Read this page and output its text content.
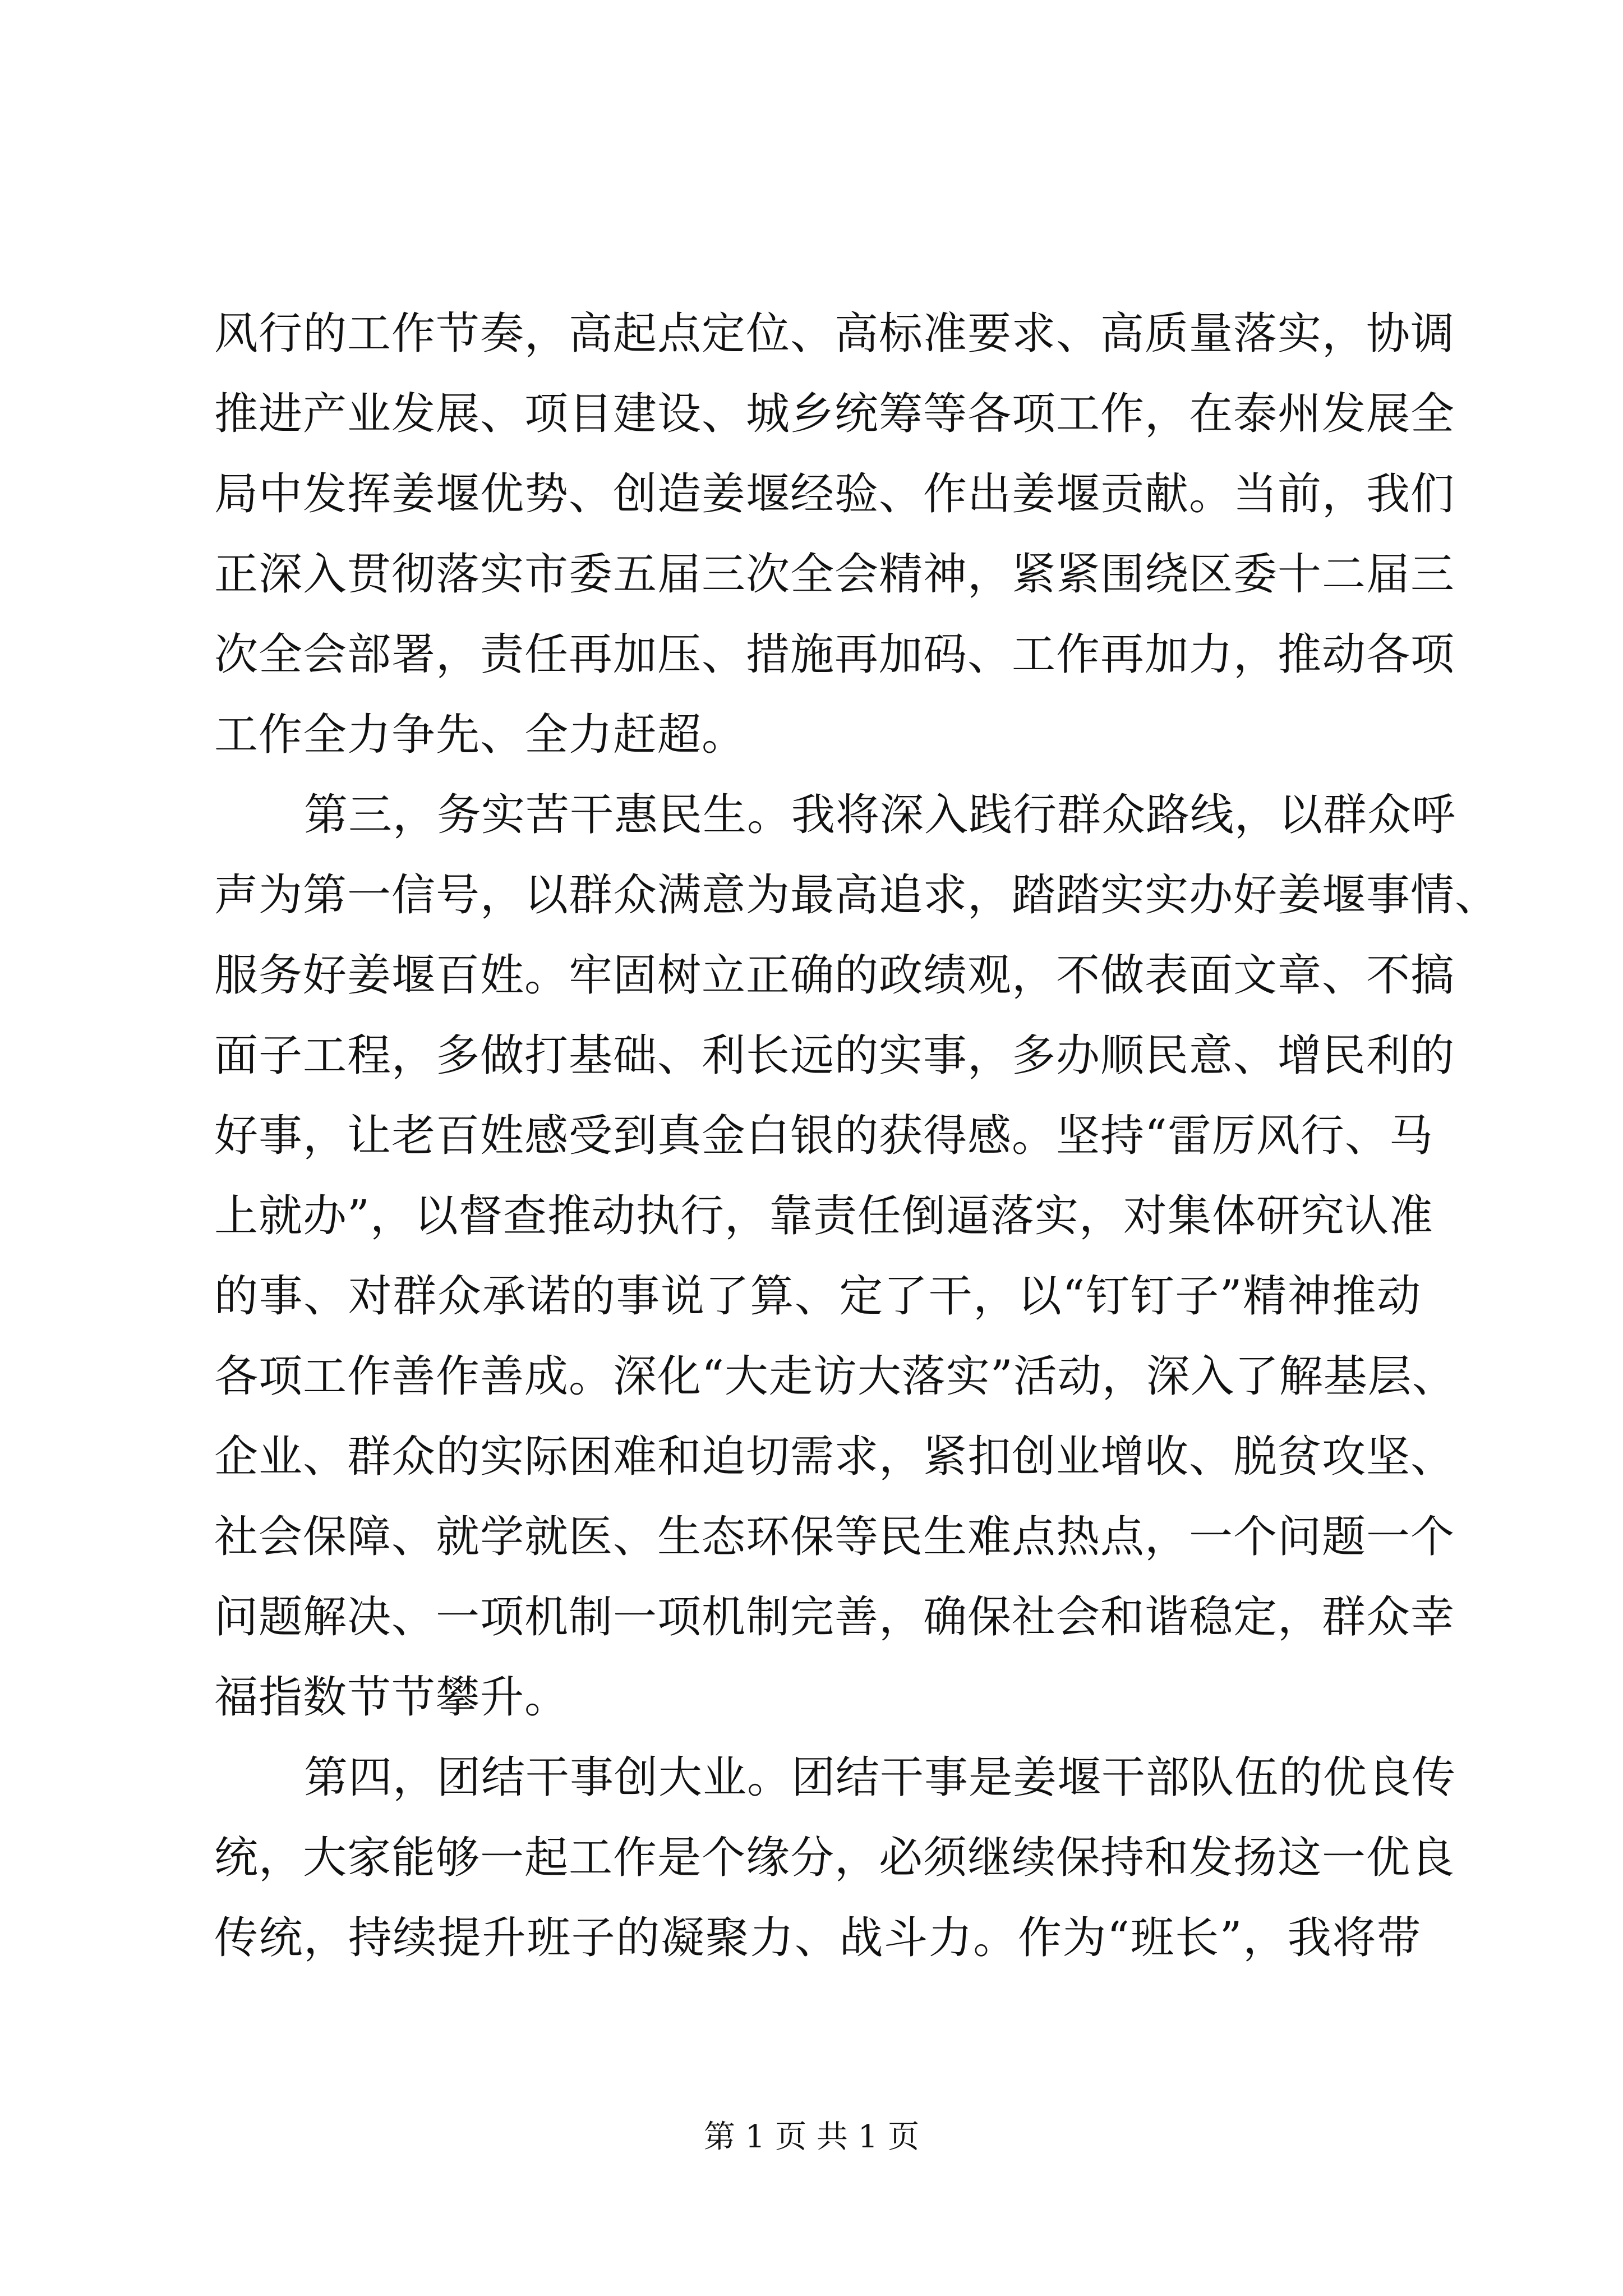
风行的工作节奏，高起点定位、高标准要求、高质量落实，协调
推进产业发展、项目建设、城乡统筹等各项工作，在泰州发展全
局中发挥姜堰优势、创造姜堰经验、作出姜堰贡献。当前，我们
正深入贯彻落实市委五届三次全会精神，紧紧围绕区委十二届三
次全会部署，责任再加压、措施再加码、工作再加力，推动各项
工作全力争先、全力赶超。
第三，务实苦干惠民生。我将深入践行群众路线，以群众呼
声为第一信号，以群众满意为最高追求，踏踏实实办好姜堰事情、
服务好姜堰百姓。牢固树立正确的政绩观，不做表面文章、不搞
面子工程，多做打基础、利长远的实事，多办顺民意、增民利的
好事，让老百姓感受到真金白银的获得感。坚持“雷厉风行、马
上就办”，以督查推动执行，靠责任倒逼落实，对集体研究认准
的事、对群众承诺的事说了算、定了干，以“钉钉子”精神推动
各项工作善作善成。深化“大走访大落实”活动，深入了解基层、
企业、群众的实际困难和迫切需求，紧扣创业增收、脱贫攻坚、
社会保障、就学就医、生态环保等民生难点热点，一个问题一个
问题解决、一项机制一项机制完善，确保社会和谐稳定，群众幸
福指数节节攀升。
第四，团结干事创大业。团结干事是姜堰干部队伍的优良传
统，大家能够一起工作是个缘分，必须继续保持和发扬这一优良
传统，持续提升班子的凝聚力、战斗力。作为“班长”，我将带
第 1 页 共 1 页
